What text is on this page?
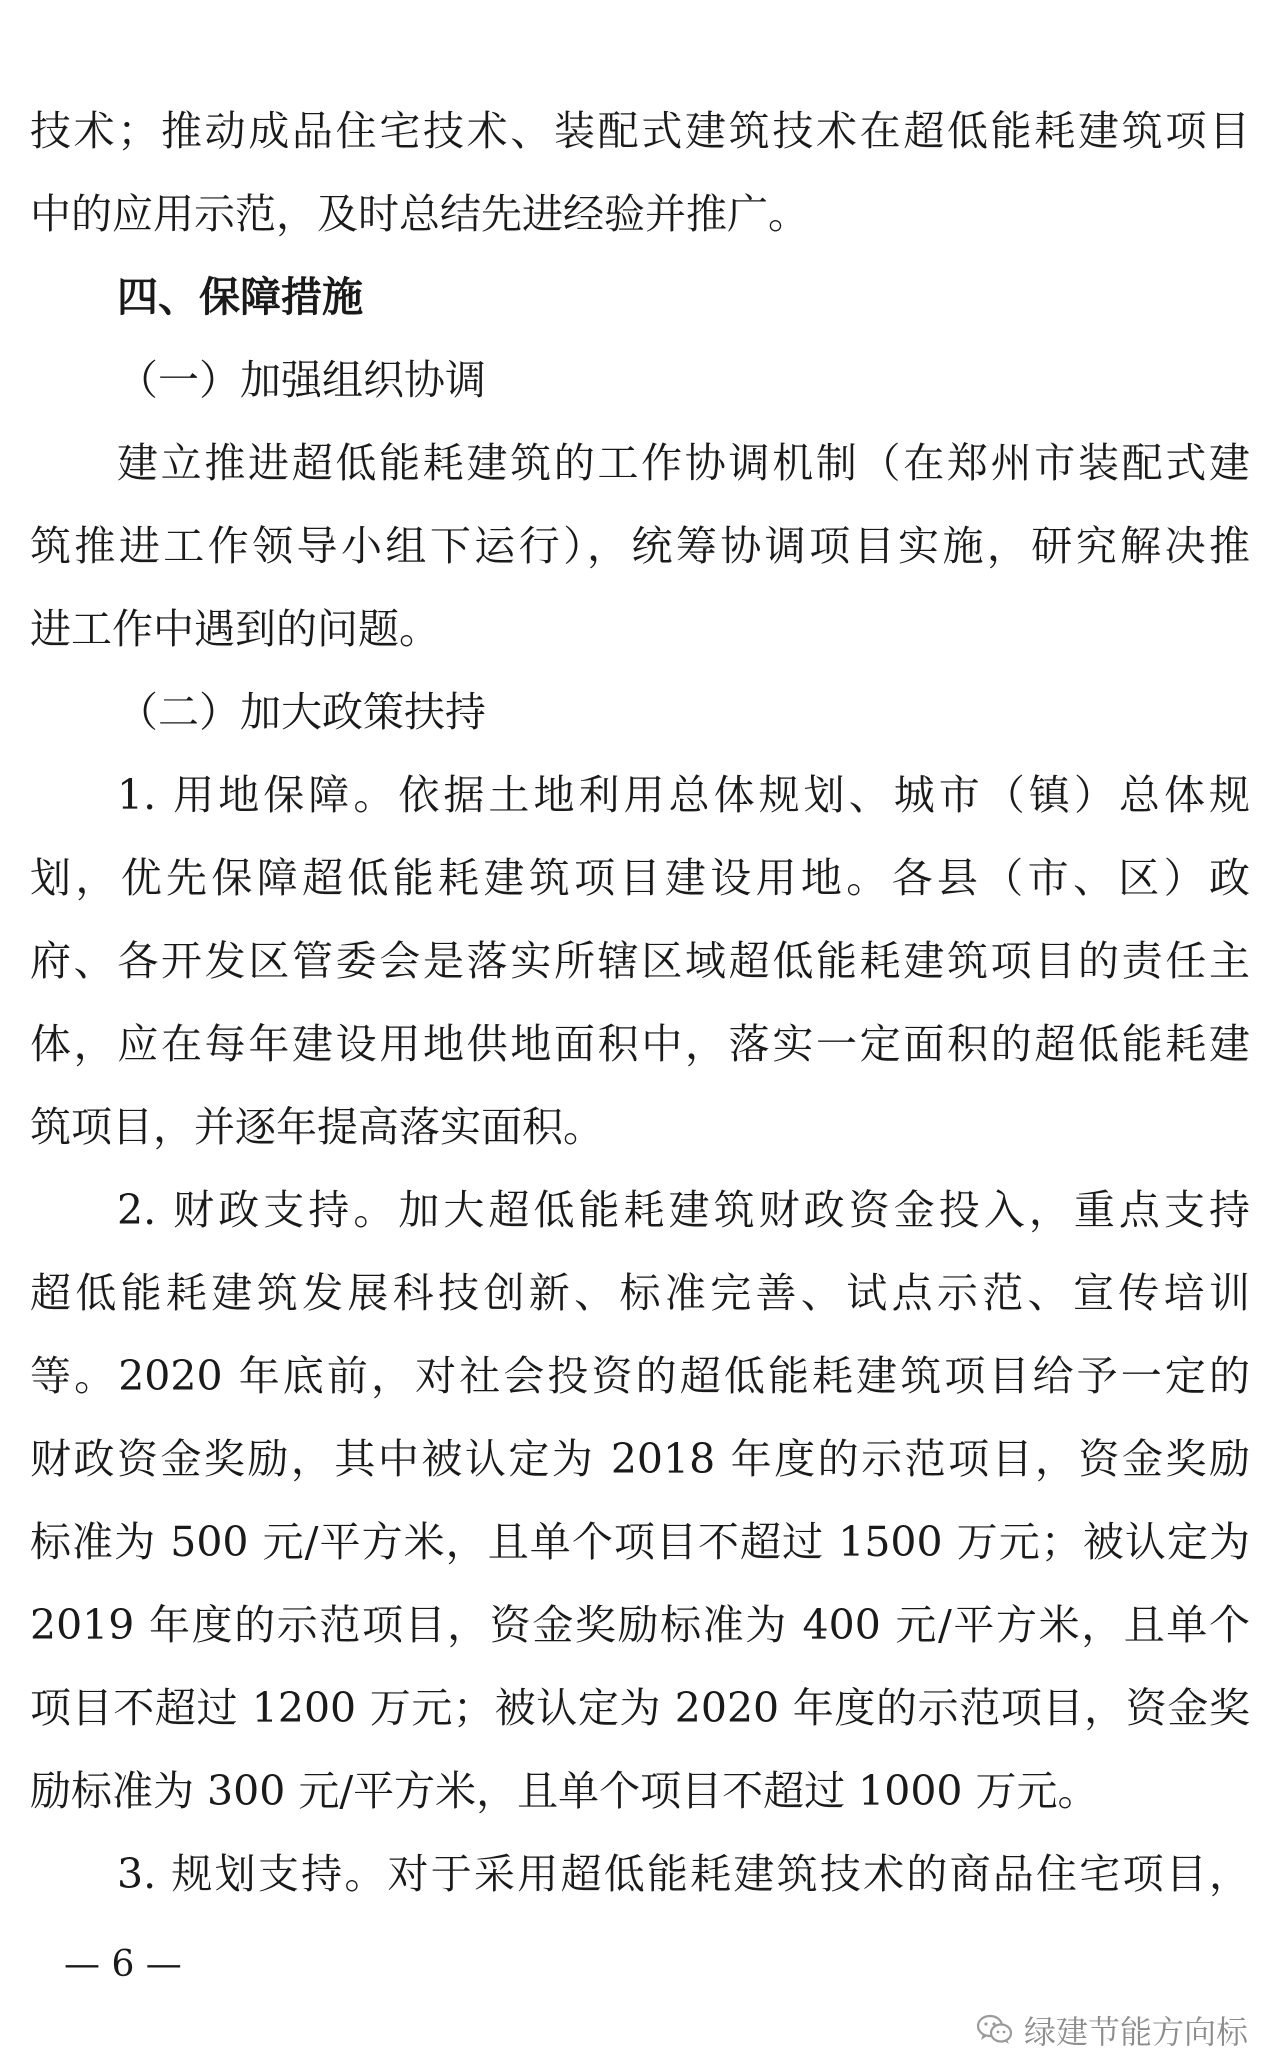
技术；推动成品住宅技术、装配式建筑技术在超低能耗建筑项目
中的应用示范，及时总结先进经验并推广。
四、保障措施
（一）加强组织协调
建立推进超低能耗建筑的工作协调机制（在郑州市装配式建
筑推进工作领导小组下运行），统筹协调项目实施，研究解决推
进工作中遇到的问题。
（二）加大政策扶持
1. 用地保障。依据土地利用总体规划、城市（镇）总体规
划，优先保障超低能耗建筑项目建设用地。各县（市、区）政
府、各开发区管委会是落实所辖区域超低能耗建筑项目的责任主
体，应在每年建设用地供地面积中，落实一定面积的超低能耗建
筑项目，并逐年提高落实面积。
2. 财政支持。加大超低能耗建筑财政资金投入，重点支持
超低能耗建筑发展科技创新、标准完善、试点示范、宣传培训
等。2020 年底前，对社会投资的超低能耗建筑项目给予一定的
财政资金奖励，其中被认定为 2018 年度的示范项目，资金奖励
标准为 500 元/平方米，且单个项目不超过 1500 万元；被认定为
2019 年度的示范项目，资金奖励标准为 400 元/平方米，且单个
项目不超过 1200 万元；被认定为 2020 年度的示范项目，资金奖
励标准为 300 元/平方米，且单个项目不超过 1000 万元。
3. 规划支持。对于采用超低能耗建筑技术的商品住宅项目，
— 6 —
绿建节能方向标
